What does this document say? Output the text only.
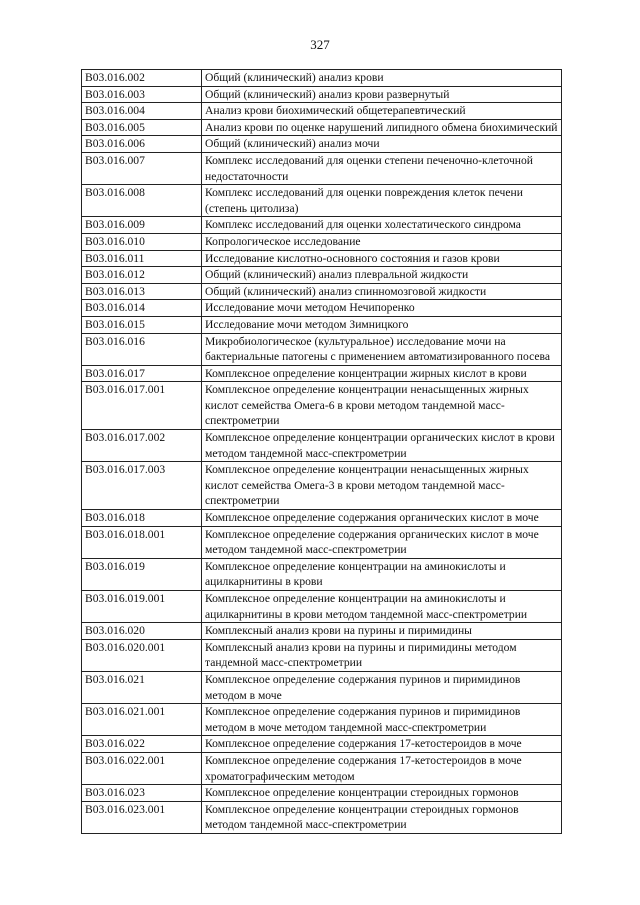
327
B03.016.002	Общий (клинический) анализ крови
B03.016.003	Общий (клинический) анализ крови развернутый
B03.016.004	Анализ крови биохимический общетерапевтический
B03.016.005	Анализ крови по оценке нарушений липидного обмена биохимический
B03.016.006	Общий (клинический) анализ мочи
B03.016.007	Комплекс исследований для оценки степени печеночно-клеточной недостаточности
B03.016.008	Комплекс исследований для оценки повреждения клеток печени (степень цитолиза)
B03.016.009	Комплекс исследований для оценки холестатического синдрома
B03.016.010	Копрологическое исследование
B03.016.011	Исследование кислотно-основного состояния и газов крови
B03.016.012	Общий (клинический) анализ плевральной жидкости
B03.016.013	Общий (клинический) анализ спинномозговой жидкости
B03.016.014	Исследование мочи методом Нечипоренко
B03.016.015	Исследование мочи методом Зимницкого
B03.016.016	Микробиологическое (культуральное) исследование мочи на бактериальные патогены с применением автоматизированного посева
B03.016.017	Комплексное определение концентрации жирных кислот в крови
B03.016.017.001	Комплексное определение концентрации ненасыщенных жирных кислот семейства Омега-6 в крови методом тандемной масс-спектрометрии
B03.016.017.002	Комплексное определение концентрации органических кислот в крови методом тандемной масс-спектрометрии
B03.016.017.003	Комплексное определение концентрации ненасыщенных жирных кислот семейства Омега-3 в крови методом тандемной масс-спектрометрии
B03.016.018	Комплексное определение содержания органических кислот в моче
B03.016.018.001	Комплексное определение содержания органических кислот в моче методом тандемной масс-спектрометрии
B03.016.019	Комплексное определение концентрации на аминокислоты и ацилкарнитины в крови
B03.016.019.001	Комплексное определение концентрации на аминокислоты и ацилкарнитины в крови методом тандемной масс-спектрометрии
B03.016.020	Комплексный анализ крови на пурины и пиримидины
B03.016.020.001	Комплексный анализ крови на пурины и пиримидины методом тандемной масс-спектрометрии
B03.016.021	Комплексное определение содержания пуринов и пиримидинов методом в моче
B03.016.021.001	Комплексное определение содержания пуринов и пиримидинов методом в моче методом тандемной масс-спектрометрии
B03.016.022	Комплексное определение содержания 17-кетостероидов в моче
B03.016.022.001	Комплексное определение содержания 17-кетостероидов в моче хроматографическим методом
B03.016.023	Комплексное определение концентрации стероидных гормонов
B03.016.023.001	Комплексное определение концентрации стероидных гормонов методом тандемной масс-спектрометрии
